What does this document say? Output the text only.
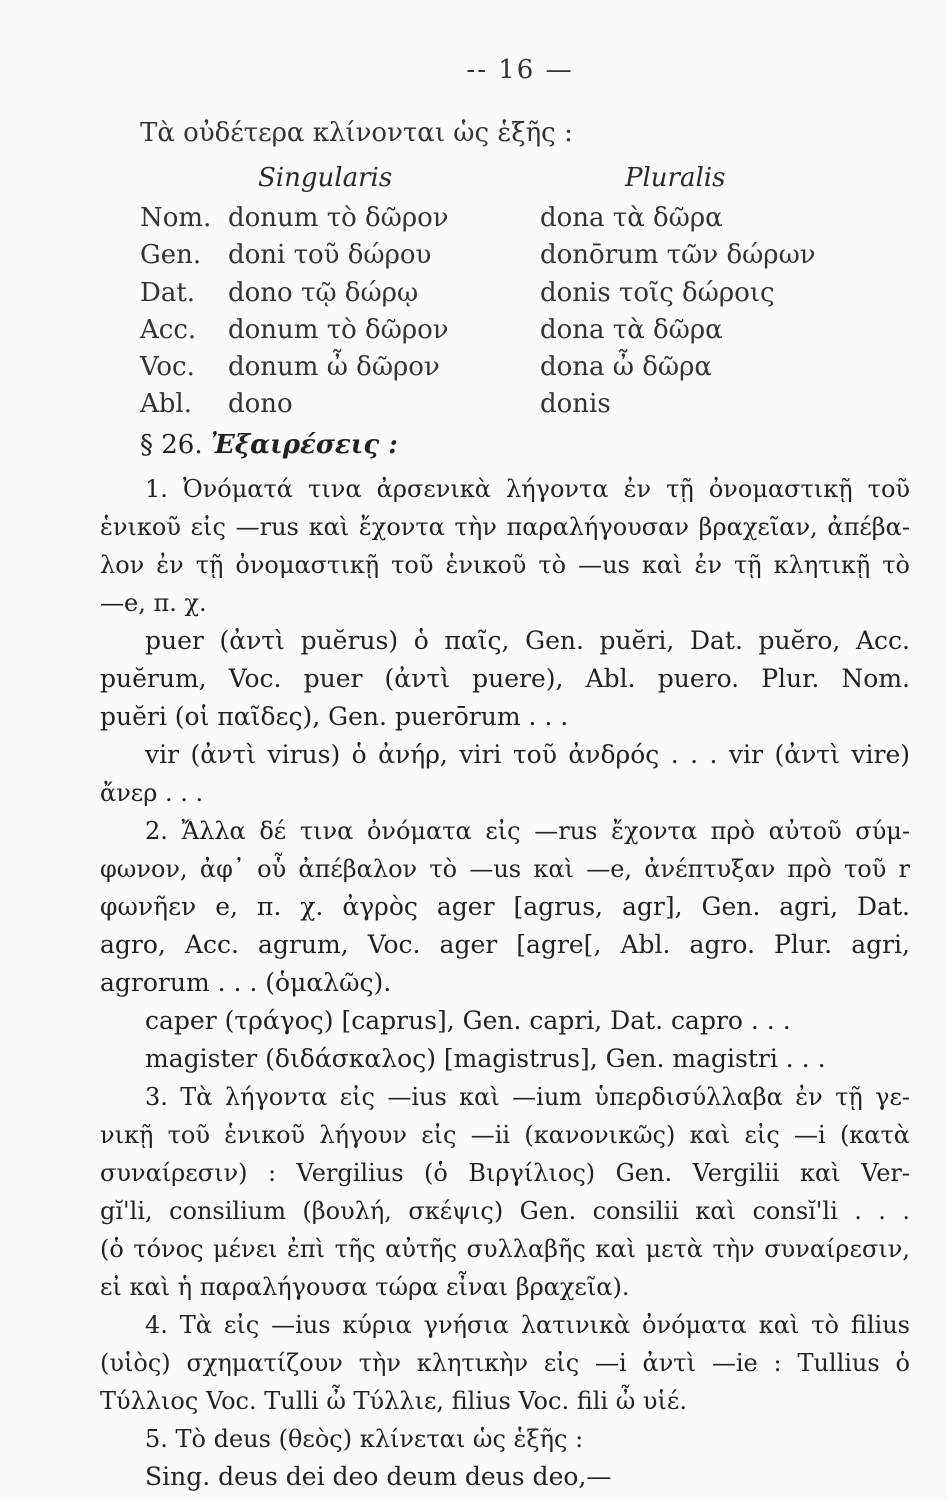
-- 16 —
Τὰ οὐδέτερα κλίνονται ὡς ἑξῆς :
Singularis	Pluralis
Nom. donum τὸ δῶρον	dona τὰ δῶρα
Gen. doni τοῦ δώρου	donōrum τῶν δώρων
Dat. dono τῷ δώρῳ	donis τοῖς δώροις
Acc. donum τὸ δῶρον	dona τὰ δῶρα
Voc. donum ὦ δῶρον	dona ὦ δῶρα
Abl. dono	donis
§ 26. Ἐξαιρέσεις :
1. Ὀνόματά τινα ἀρσενικὰ λήγοντα ἐν τῇ ὀνομαστικῇ τοῦ
ἑνικοῦ εἰς —rus καὶ ἔχοντα τὴν παραλήγουσαν βραχεῖαν, ἀπέβα-
λον ἐν τῇ ὀνομαστικῇ τοῦ ἑνικοῦ τὸ —us καὶ ἐν τῇ κλητικῇ τὸ
—e, π. χ.
puer (ἀντὶ puĕrus) ὁ παῖς, Gen. puĕri, Dat. puĕro, Acc.
puĕrum, Voc. puer (ἀντὶ puere), Abl. puero. Plur. Nom.
puĕri (οἱ παῖδες), Gen. puerōrum . . .
vir (ἀντὶ virus) ὁ ἀνήρ, viri τοῦ ἀνδρός . . . vir (ἀντὶ vire)
ἄνερ . . .
2. Ἄλλα δέ τινα ὀνόματα εἰς —rus ἔχοντα πρὸ αὐτοῦ σύμ-
φωνον, ἀφ᾽ οὗ ἀπέβαλον τὸ —us καὶ —e, ἀνέπτυξαν πρὸ τοῦ r
φωνῆεν e, π. χ. ἀγρὸς ager [agrus, agr], Gen. agri, Dat.
agro, Acc. agrum, Voc. ager [agre[, Abl. agro. Plur. agri,
agrorum . . . (ὁμαλῶς).
caper (τράγος) [caprus], Gen. capri, Dat. capro . . .
magister (διδάσκαλος) [magistrus], Gen. magistri . . .
3. Τὰ λήγοντα εἰς —ius καὶ —ium ὑπερδισύλλαβα ἐν τῇ γε-
νικῇ τοῦ ἑνικοῦ λήγουν εἰς —ii (κανονικῶς) καὶ εἰς —i (κατὰ
συναίρεσιν) : Vergilius (ὁ Βιργίλιος) Gen. Vergilii καὶ Ver-
gĭ'li, consilium (βουλή, σκέψις) Gen. consilii καὶ consĭ'li . . .
(ὁ τόνος μένει ἐπὶ τῆς αὐτῆς συλλαβῆς καὶ μετὰ τὴν συναίρεσιν,
εἰ καὶ ἡ παραλήγουσα τώρα εἶναι βραχεῖα).
4. Τὰ εἰς —ius κύρια γνήσια λατινικὰ ὀνόματα καὶ τὸ filius
(υἱὸς) σχηματίζουν τὴν κλητικὴν εἰς —i ἀντὶ —ie : Tullius ὁ
Τύλλιος Voc. Tulli ὦ Τύλλιε, filius Voc. fili ὦ υἱέ.
5. Τὸ deus (θεὸς) κλίνεται ὡς ἑξῆς :
Sing. deus dei deo deum deus deo,—
